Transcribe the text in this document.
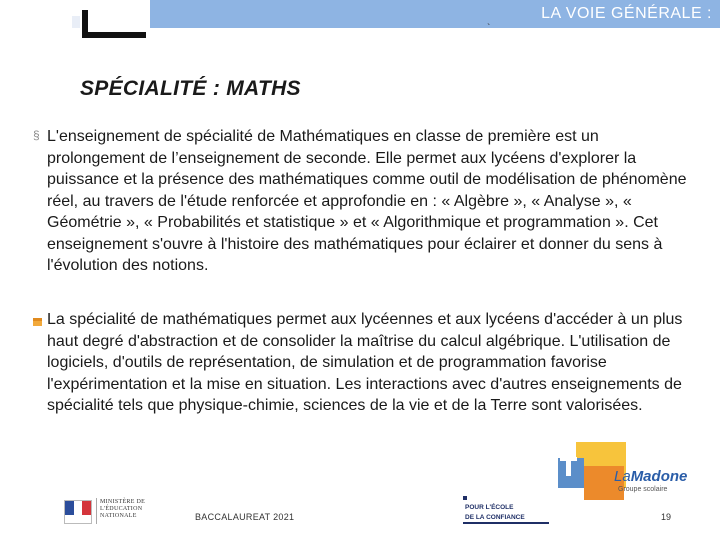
LA VOIE GÉNÉRALE :
`
SPÉCIALITÉ : MATHS
§ L'enseignement de spécialité de Mathématiques en classe de première est un prolongement de l’enseignement de seconde. Elle permet aux lycéens d'explorer la puissance et la présence des mathématiques comme outil de modélisation de phénomène réel, au travers de l'étude renforcée et approfondie en : « Algèbre », « Analyse », « Géométrie », « Probabilités et statistique » et « Algorithmique et programmation ». Cet enseignement s'ouvre à l'histoire des mathématiques pour éclairer et donner du sens à l'évolution des notions.

La spécialité de mathématiques permet aux lycéennes et aux lycéens d'accéder à un plus haut degré d'abstraction et de consolider la maîtrise du calcul algébrique. L'utilisation de logiciels, d'outils de représentation, de simulation et de programmation favorise l'expérimentation et la mise en situation. Les interactions avec d'autres enseignements de spécialité tels que physique-chimie, sciences de la vie et de la Terre sont valorisées.

LaMadone
Groupe scolaire
MINISTÈRE DE L'ÉDUCATION NATIONALE	BACCALAUREAT 2021
POUR L'ÉCOLE
DE LA CONFIANCE	19
